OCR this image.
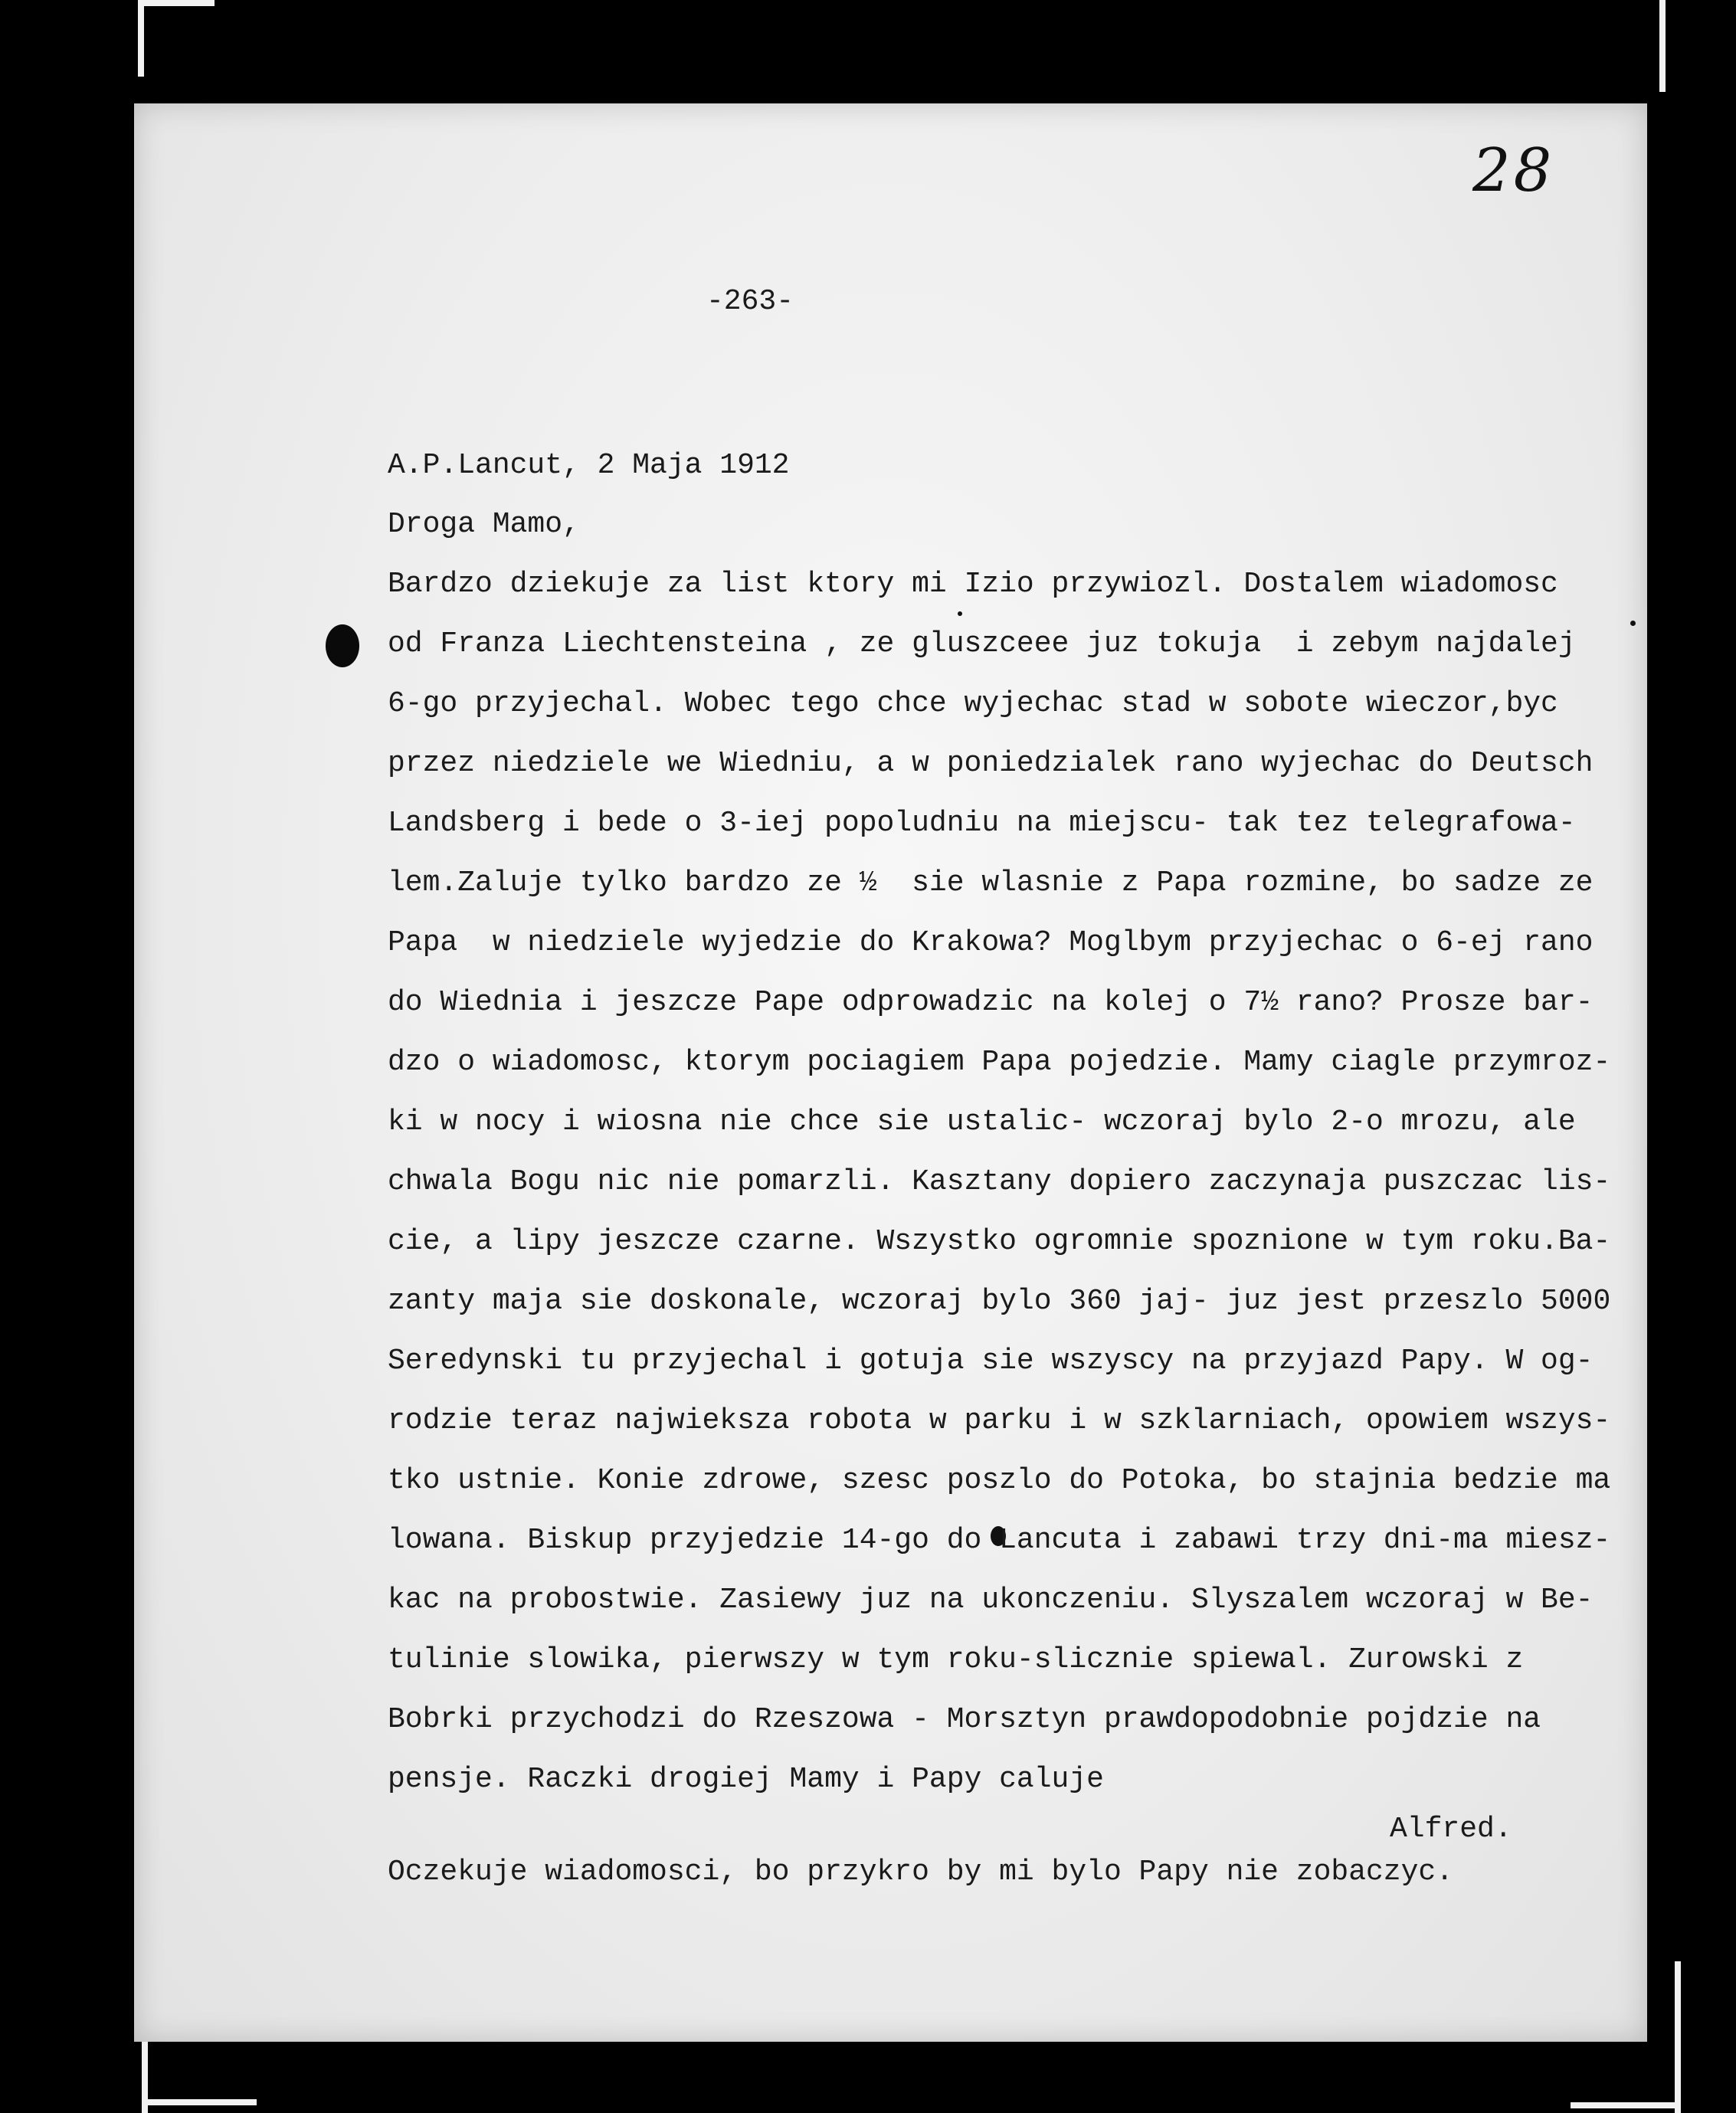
28
-263-
A.P.Lancut, 2 Maja 1912
Droga Mamo,
Bardzo dziekuje za list ktory mi Izio przywiozl. Dostalem wiadomosc
od Franza Liechtensteina , ze gluszceee juz tokuja  i zebym najdalej
6-go przyjechal. Wobec tego chce wyjechac stad w sobote wieczor,byc
przez niedziele we Wiedniu, a w poniedzialek rano wyjechac do Deutsch
Landsberg i bede o 3-iej popoludniu na miejscu- tak tez telegrafowa-
lem.Zaluje tylko bardzo ze ½  sie wlasnie z Papa rozmine, bo sadze ze
Papa  w niedziele wyjedzie do Krakowa? Moglbym przyjechac o 6-ej rano
do Wiednia i jeszcze Pape odprowadzic na kolej o 7½ rano? Prosze bar-
dzo o wiadomosc, ktorym pociagiem Papa pojedzie. Mamy ciagle przymroz-
ki w nocy i wiosna nie chce sie ustalic- wczoraj bylo 2-o mrozu, ale
chwala Bogu nic nie pomarzli. Kasztany dopiero zaczynaja puszczac lis-
cie, a lipy jeszcze czarne. Wszystko ogromnie spoznione w tym roku.Ba-
zanty maja sie doskonale, wczoraj bylo 360 jaj- juz jest przeszlo 5000
Seredynski tu przyjechal i gotuja sie wszyscy na przyjazd Papy. W og-
rodzie teraz najwieksza robota w parku i w szklarniach, opowiem wszys-
tko ustnie. Konie zdrowe, szesc poszlo do Potoka, bo stajnia bedzie ma
lowana. Biskup przyjedzie 14-go do Lancuta i zabawi trzy dni-ma miesz-
kac na probostwie. Zasiewy juz na ukonczeniu. Slyszalem wczoraj w Be-
tulinie slowika, pierwszy w tym roku-slicznie spiewal. Zurowski z
Bobrki przychodzi do Rzeszowa - Morsztyn prawdopodobnie pojdzie na
pensje. Raczki drogiej Mamy i Papy caluje
Alfred.
Oczekuje wiadomosci, bo przykro by mi bylo Papy nie zobaczyc.
